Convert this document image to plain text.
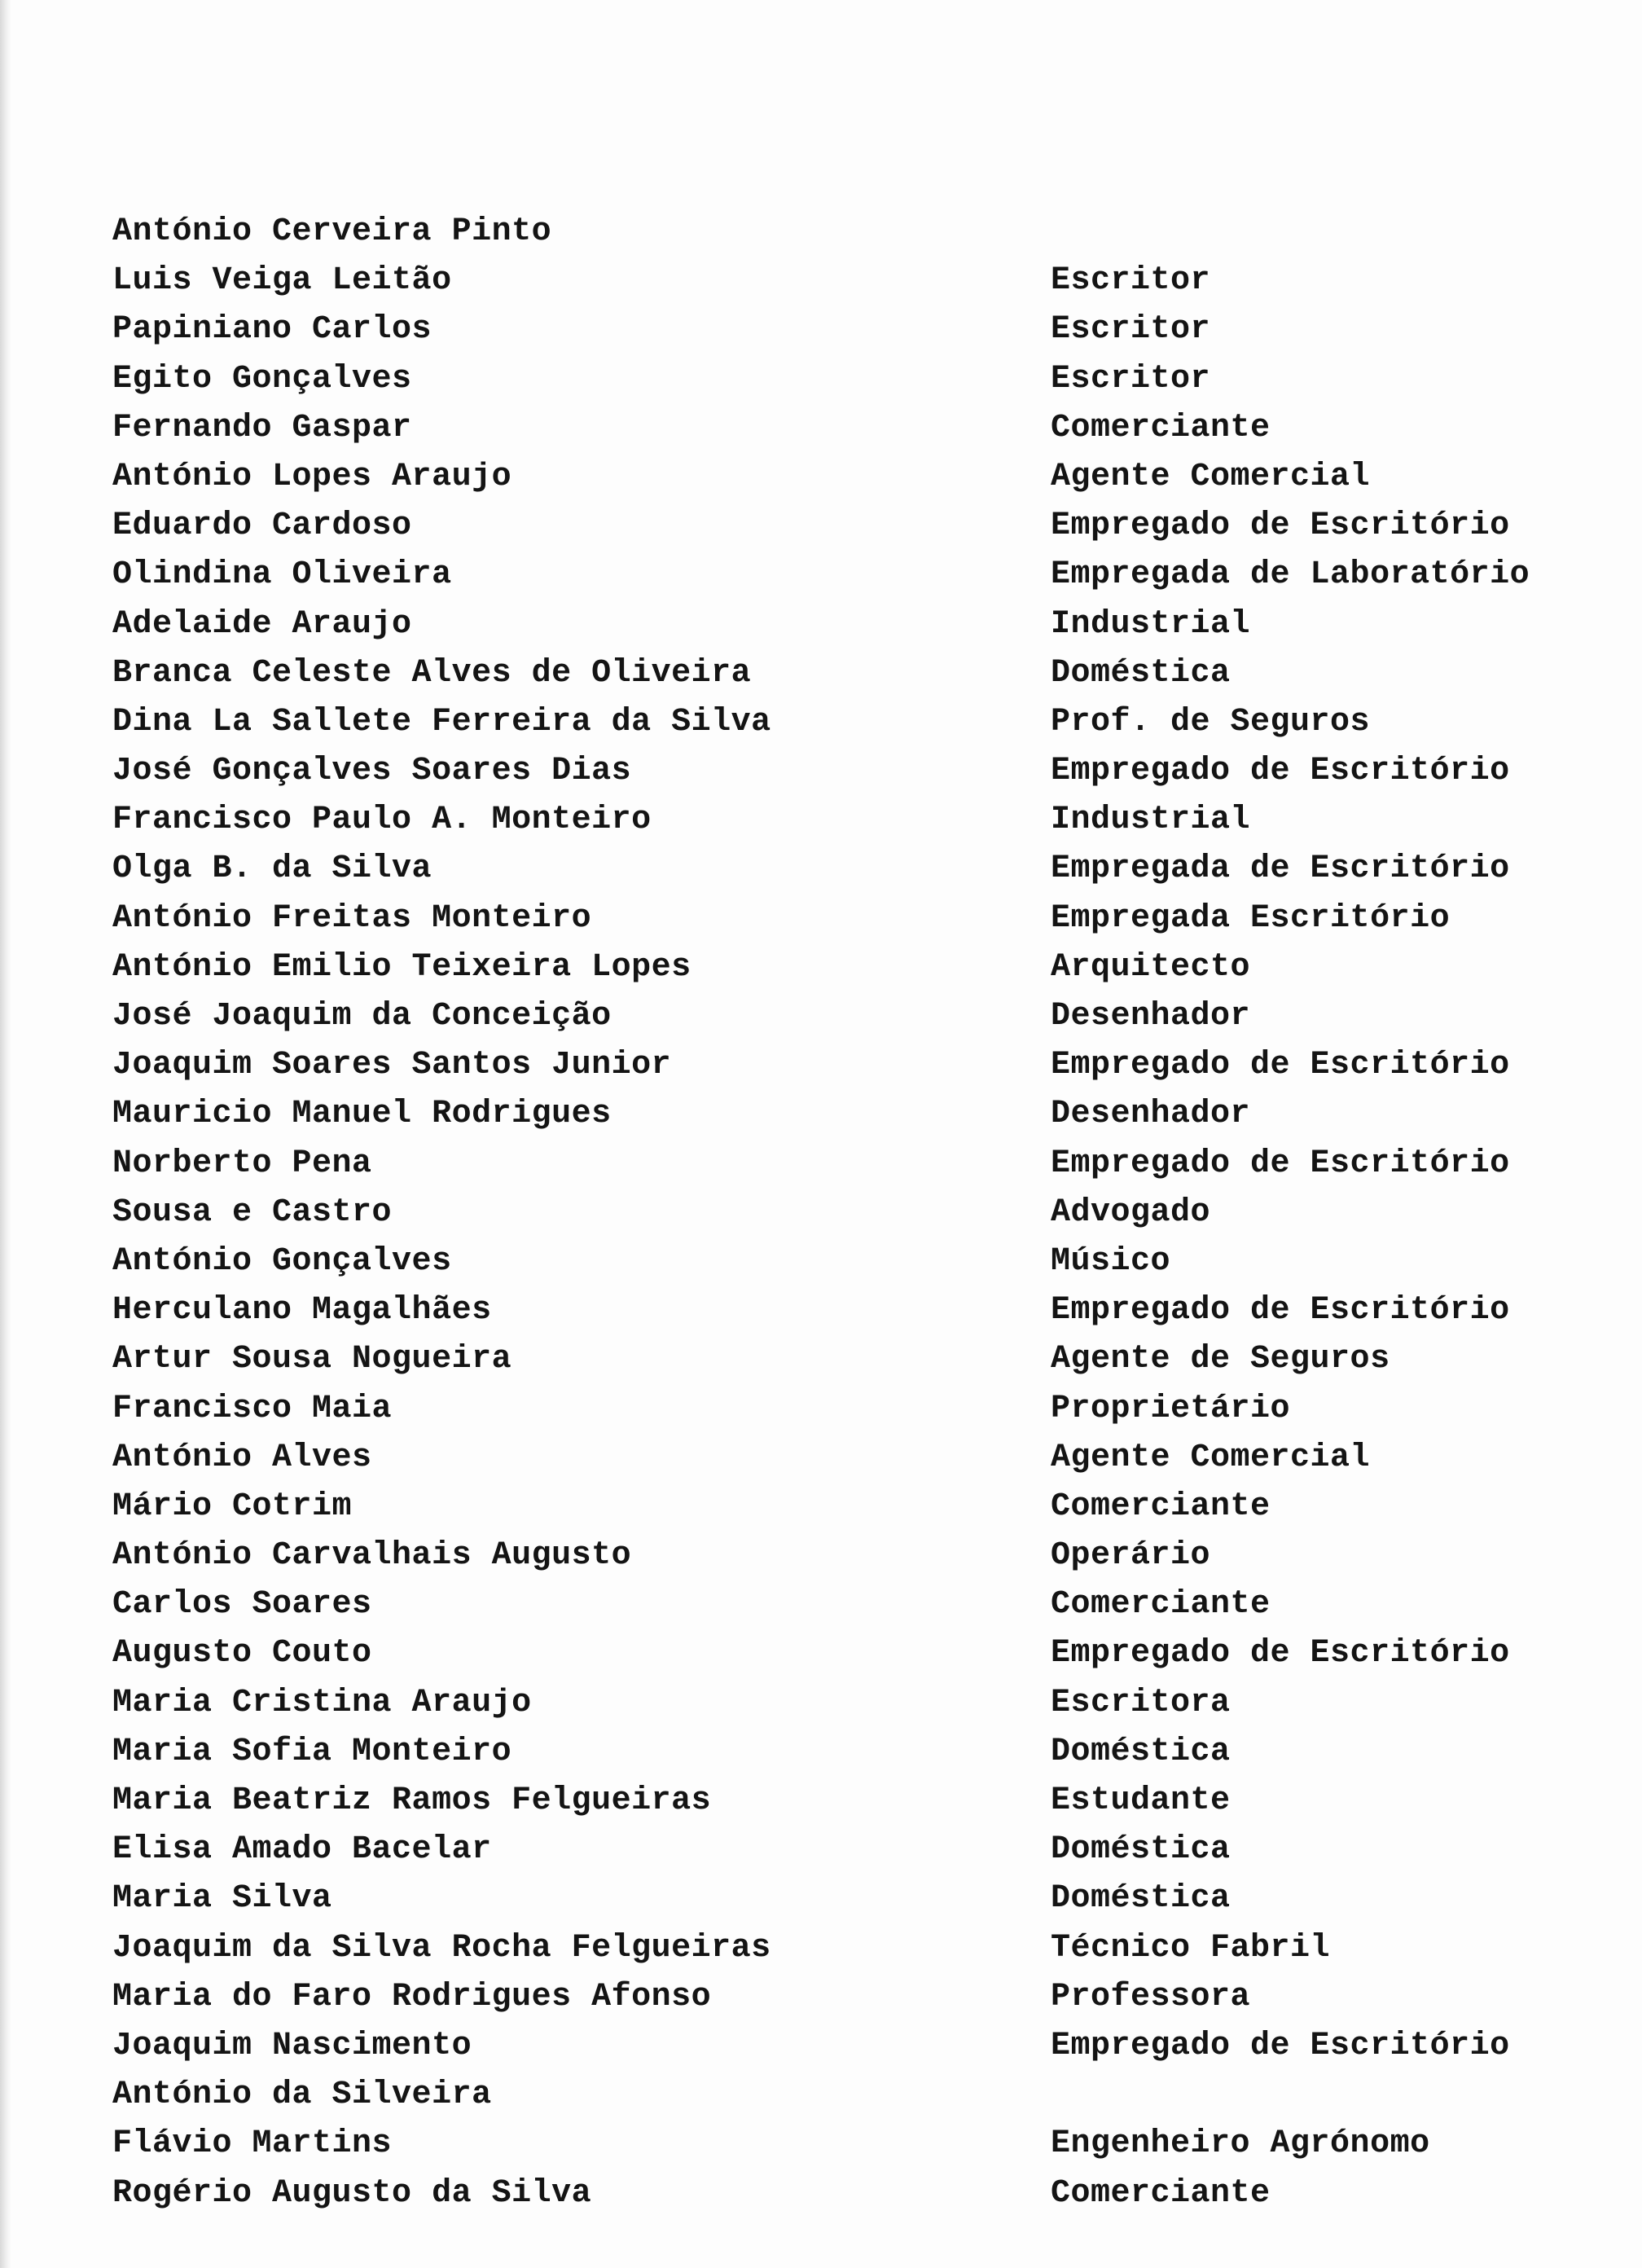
António Cerveira Pinto
Luis Veiga Leitão	Escritor
Papiniano Carlos	Escritor
Egito Gonçalves	Escritor
Fernando Gaspar	Comerciante
António Lopes Araujo	Agente Comercial
Eduardo Cardoso	Empregado de Escritório
Olindina Oliveira	Empregada de Laboratório
Adelaide Araujo	Industrial
Branca Celeste Alves de Oliveira	Doméstica
Dina La Sallete Ferreira da Silva	Prof. de Seguros
José Gonçalves Soares Dias	Empregado de Escritório
Francisco Paulo A. Monteiro	Industrial
Olga B. da Silva	Empregada de Escritório
António Freitas Monteiro	Empregada Escritório
António Emilio Teixeira Lopes	Arquitecto
José Joaquim da Conceição	Desenhador
Joaquim Soares Santos Junior	Empregado de Escritório
Mauricio Manuel Rodrigues	Desenhador
Norberto Pena	Empregado de Escritório
Sousa e Castro	Advogado
António Gonçalves	Músico
Herculano Magalhães	Empregado de Escritório
Artur Sousa Nogueira	Agente de Seguros
Francisco Maia	Proprietário
António Alves	Agente Comercial
Mário Cotrim	Comerciante
António Carvalhais Augusto	Operário
Carlos Soares	Comerciante
Augusto Couto	Empregado de Escritório
Maria Cristina Araujo	Escritora
Maria Sofia Monteiro	Doméstica
Maria Beatriz Ramos Felgueiras	Estudante
Elisa Amado Bacelar	Doméstica
Maria Silva	Doméstica
Joaquim da Silva Rocha Felgueiras	Técnico Fabril
Maria do Faro Rodrigues Afonso	Professora
Joaquim Nascimento	Empregado de Escritório
António da Silveira
Flávio Martins	Engenheiro Agrónomo
Rogério Augusto da Silva	Comerciante
